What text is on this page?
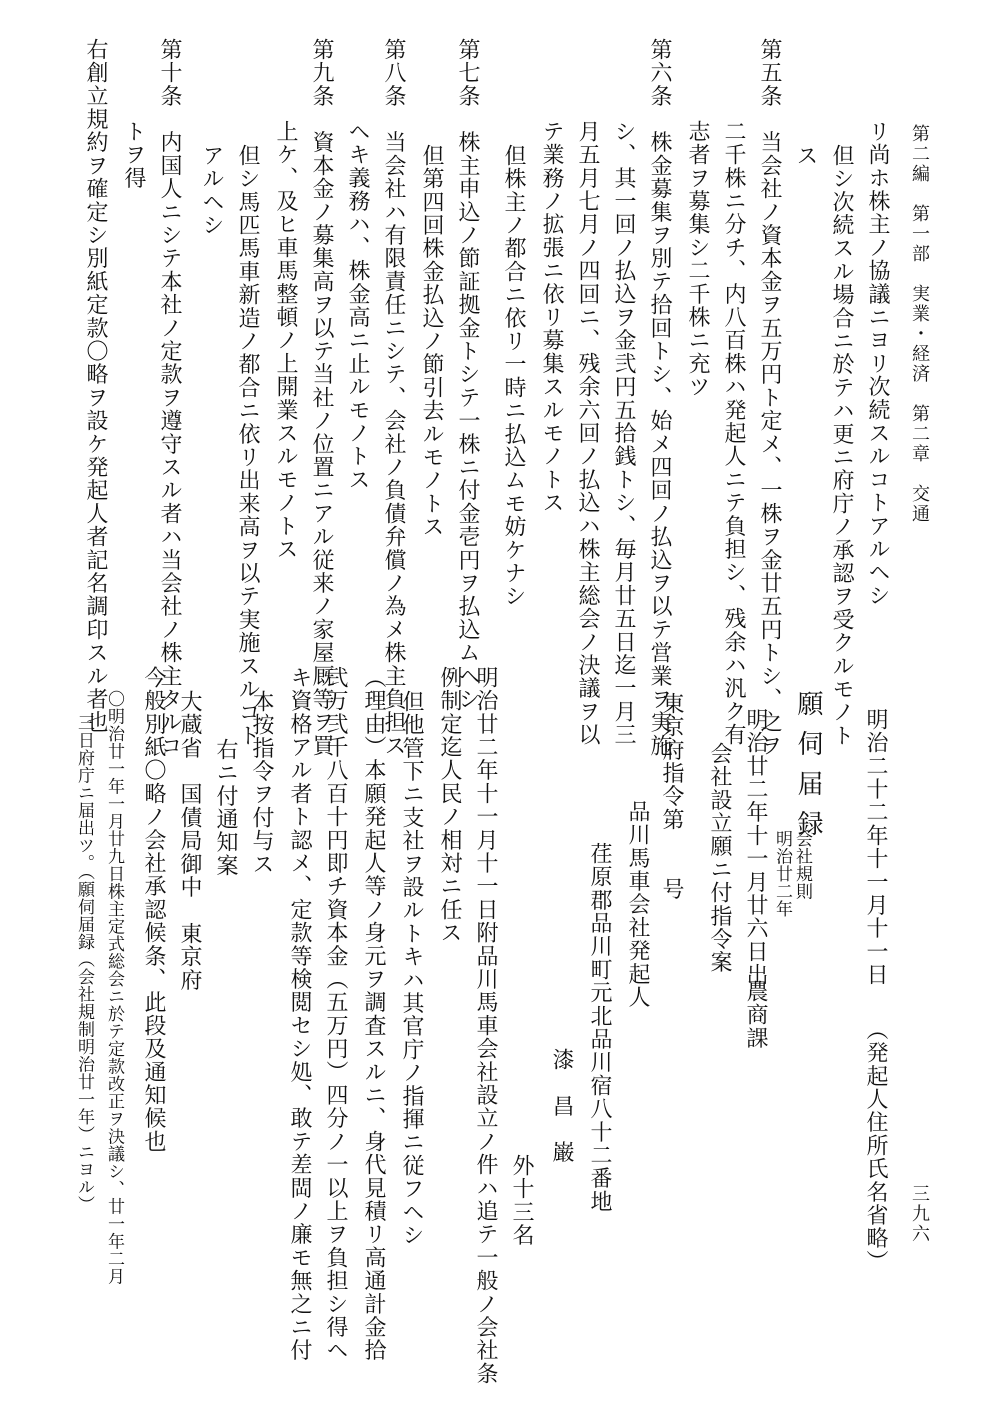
第二編　第一部　実業・経済　第二章　交通
三九六
リ尚ホ株主ノ協議ニヨリ次続スルコトアルヘシ
但シ次続スル場合ニ於テハ更ニ府庁ノ承認ヲ受クルモノト
ス
第五条　当会社ノ資本金ヲ五万円ト定メ、一株ヲ金廿五円トシ、之ヲ
二千株ニ分チ、内八百株ハ発起人ニテ負担シ、残余ハ汎ク有
志者ヲ募集シ二千株ニ充ツ
第六条　株金募集ヲ別テ拾回トシ、始メ四回ノ払込ヲ以テ営業ヲ実施
シ、其一回ノ払込ヲ金弐円五拾銭トシ、毎月廿五日迄一月三
月五月七月ノ四回ニ、残余六回ノ払込ハ株主総会ノ決議ヲ以
テ業務ノ拡張ニ依リ募集スルモノトス
但株主ノ都合ニ依リ一時ニ払込ムモ妨ケナシ
第七条　株主申込ノ節証拠金トシテ一株ニ付金壱円ヲ払込ムヘシ
但第四回株金払込ノ節引去ルモノトス
第八条　当会社ハ有限責任ニシテ、会社ノ負債弁償ノ為メ株主負担ス
ヘキ義務ハ、株金高ニ止ルモノトス
第九条　資本金ノ募集高ヲ以テ当社ノ位置ニアル従来ノ家屋厩等ヲ買
上ケ、及ヒ車馬整頓ノ上開業スルモノトス
但シ馬匹馬車新造ノ都合ニ依リ出来高ヲ以テ実施スルコト
アルヘシ
第十条　内国人ニシテ本社ノ定款ヲ遵守スル者ハ当会社ノ株主タルコ
トヲ得
右創立規約ヲ確定シ別紙定款〇略ヲ設ケ発起人者記名調印スル者也
明治二十二年十一月十一日
（発起人住所氏名省略）
願伺届録
会社規則
明治廿二年
明治廿二年十一月廿六日出
農商課
会社設立願ニ付指令案
東京府指令第　　号
品川馬車会社発起人
荏原郡品川町元北品川宿八十二番地
漆　昌　巌
外十三名
明治廿二年十一月十一日附品川馬車会社設立ノ件ハ追テ一般ノ会社条
例制定迄人民ノ相対ニ任ス
但他管下ニ支社ヲ設ルトキハ其官庁ノ指揮ニ従フヘシ
（理由）本願発起人等ノ身元ヲ調査スルニ、身代見積リ高通計金拾
弐万弐千八百十円即チ資本金（五万円）四分ノ一以上ヲ負担シ得ヘ
キ資格アル者ト認メ、定款等検閲セシ処、敢テ差閊ノ廉モ無之ニ付
本按指令ヲ付与ス
右ニ付通知案
大蔵省　国債局御中　東京府
今般別紙〇略ノ会社承認候条、此段及通知候也
〇明治廿一年一月廿九日株主定式総会ニ於テ定款改正ヲ決議シ、廿一年二月
三日府庁ニ届出ツ。（願伺届録（会社規制明治廿一年）ニヨル）
